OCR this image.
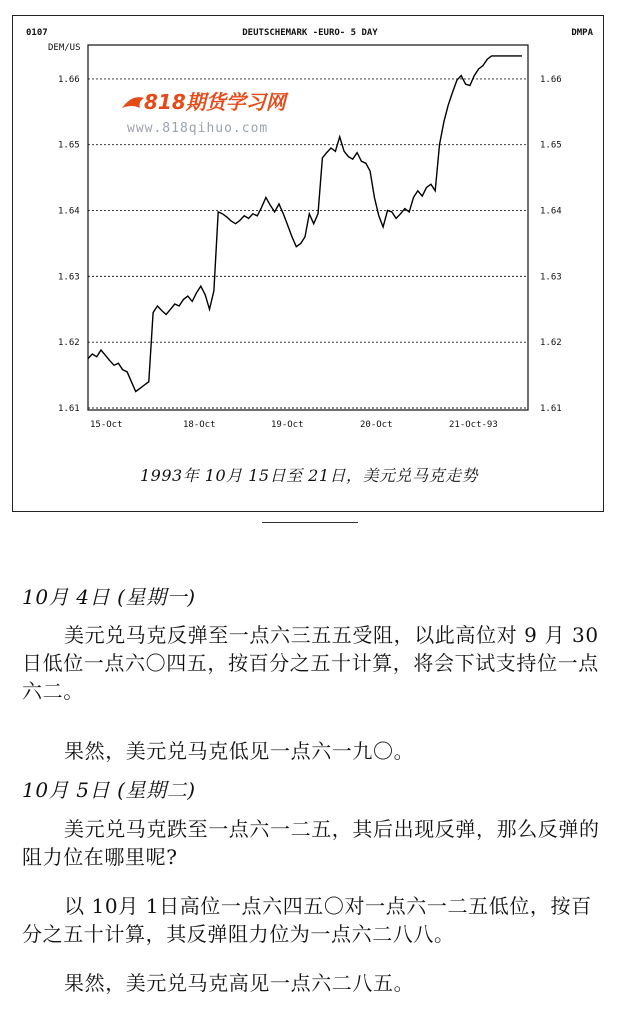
0107	DEUTSCHEMARK -EURO- 5 DAY	DMPA
DEM/US
818期货学习网
www.818qihuo.com
1.61	1.61
1.62	1.62
1.63	1.63
1.64	1.64
1.65	1.65
1.66	1.66
15-Oct	18-Oct	19-Oct	20-Oct	21-Oct-93
1993年 10月 15日至 21日，美元兑马克走势

10月 4日 (星期一)

美元兑马克反弹至一点六三五五受阻，以此高位对 9 月 30日低位一点六〇四五，按百分之五十计算，将会下试支持位一点六二。

果然，美元兑马克低见一点六一九〇。

10月 5日 (星期二)

美元兑马克跌至一点六一二五，其后出现反弹，那么反弹的阻力位在哪里呢?

以 10月 1日高位一点六四五〇对一点六一二五低位，按百分之五十计算，其反弹阻力位为一点六二八八。

果然，美元兑马克高见一点六二八五。
